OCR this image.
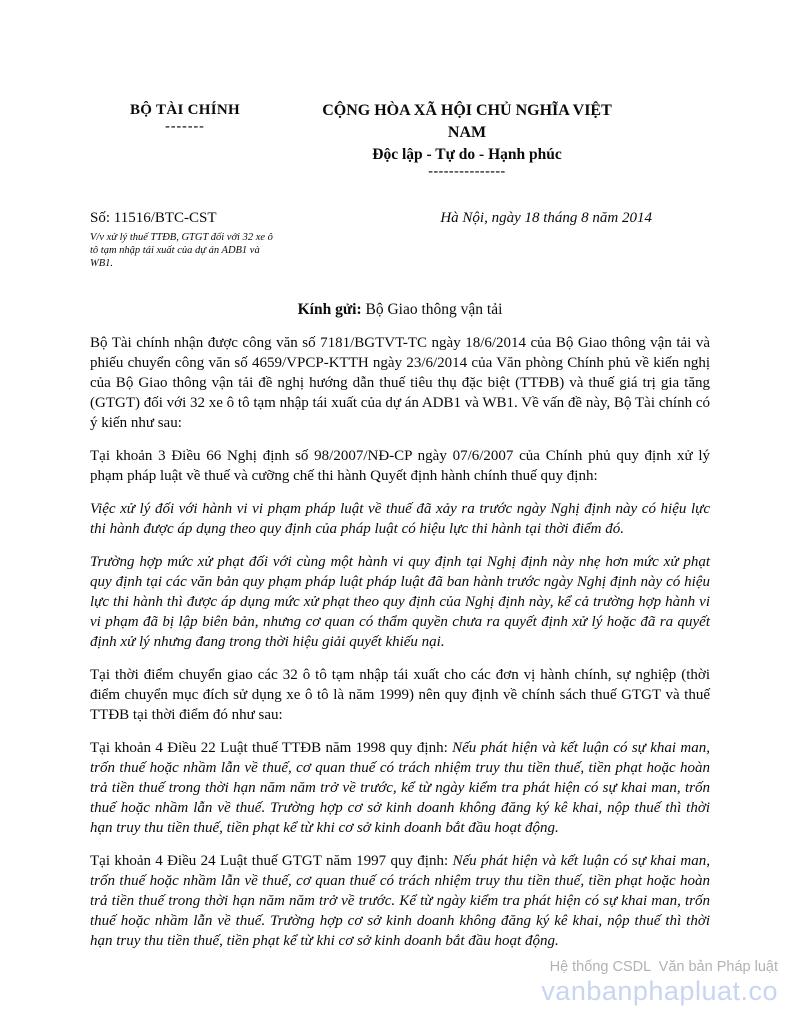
BỘ TÀI CHÍNH
-------
CỘNG HÒA XÃ HỘI CHỦ NGHĨA VIỆT NAM
Độc lập - Tự do - Hạnh phúc
---------------
Số: 11516/BTC-CST	Hà Nội, ngày 18 tháng 8 năm 2014
V/v xử lý thuế TTĐB, GTGT đối với 32 xe ô tô tạm nhập tái xuất của dự án ADB1 và WB1.
Kính gửi: Bộ Giao thông vận tải

Bộ Tài chính nhận được công văn số 7181/BGTVT-TC ngày 18/6/2014 của Bộ Giao thông vận tải và phiếu chuyển công văn số 4659/VPCP-KTTH ngày 23/6/2014 của Văn phòng Chính phủ về kiến nghị của Bộ Giao thông vận tải đề nghị hướng dẫn thuế tiêu thụ đặc biệt (TTĐB) và thuế giá trị gia tăng (GTGT) đối với 32 xe ô tô tạm nhập tái xuất của dự án ADB1 và WB1. Về vấn đề này, Bộ Tài chính có ý kiến như sau:

Tại khoản 3 Điều 66 Nghị định số 98/2007/NĐ-CP ngày 07/6/2007 của Chính phủ quy định xử lý phạm pháp luật về thuế và cưỡng chế thi hành Quyết định hành chính thuế quy định:

Việc xử lý đối với hành vi vi phạm pháp luật về thuế đã xảy ra trước ngày Nghị định này có hiệu lực thi hành được áp dụng theo quy định của pháp luật có hiệu lực thi hành tại thời điểm đó.

Trường hợp mức xử phạt đối với cùng một hành vi quy định tại Nghị định này nhẹ hơn mức xử phạt quy định tại các văn bản quy phạm pháp luật pháp luật đã ban hành trước ngày Nghị định này có hiệu lực thi hành thì được áp dụng mức xử phạt theo quy định của Nghị định này, kể cả trường hợp hành vi vi phạm đã bị lập biên bản, nhưng cơ quan có thẩm quyền chưa ra quyết định xử lý hoặc đã ra quyết định xử lý nhưng đang trong thời hiệu giải quyết khiếu nại.

Tại thời điểm chuyển giao các 32 ô tô tạm nhập tái xuất cho các đơn vị hành chính, sự nghiệp (thời điểm chuyển mục đích sử dụng xe ô tô là năm 1999) nên quy định về chính sách thuế GTGT và thuế TTĐB tại thời điểm đó như sau:

Tại khoản 4 Điều 22 Luật thuế TTĐB năm 1998 quy định: Nếu phát hiện và kết luận có sự khai man, trốn thuế hoặc nhầm lẫn về thuế, cơ quan thuế có trách nhiệm truy thu tiền thuế, tiền phạt hoặc hoàn trả tiền thuế trong thời hạn năm năm trở về trước, kể từ ngày kiểm tra phát hiện có sự khai man, trốn thuế hoặc nhầm lẫn về thuế. Trường hợp cơ sở kinh doanh không đăng ký kê khai, nộp thuế thì thời hạn truy thu tiền thuế, tiền phạt kể từ khi cơ sở kinh doanh bắt đầu hoạt động.

Tại khoản 4 Điều 24 Luật thuế GTGT năm 1997 quy định: Nếu phát hiện và kết luận có sự khai man, trốn thuế hoặc nhầm lẫn về thuế, cơ quan thuế có trách nhiệm truy thu tiền thuế, tiền phạt hoặc hoàn trả tiền thuế trong thời hạn năm năm trở về trước. Kể từ ngày kiểm tra phát hiện có sự khai man, trốn thuế hoặc nhầm lẫn về thuế. Trường hợp cơ sở kinh doanh không đăng ký kê khai, nộp thuế thì thời hạn truy thu tiền thuế, tiền phạt kể từ khi cơ sở kinh doanh bắt đầu hoạt động.

Hệ thống CSDL  Văn bản Pháp luật
vanbanphapluat.co
